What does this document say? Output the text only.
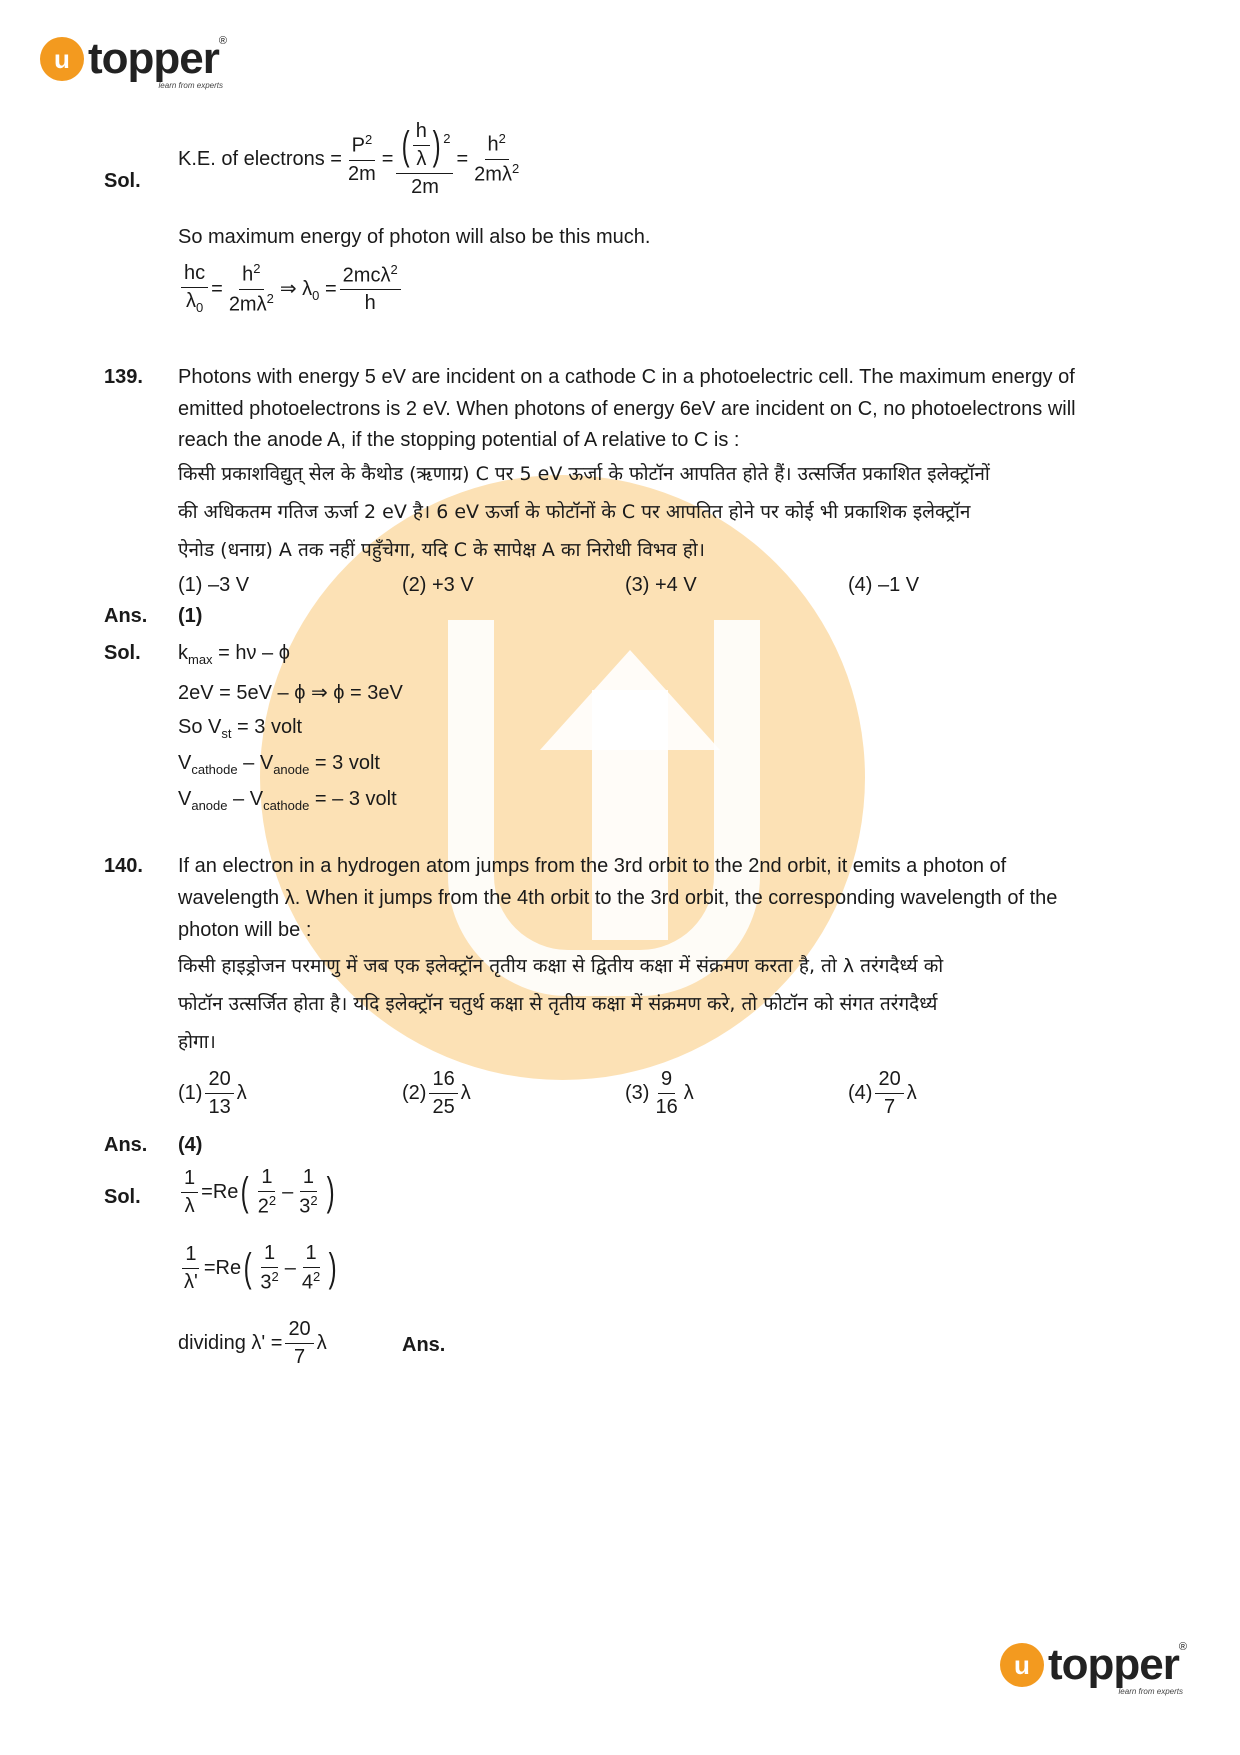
u topper ®
learn from experts
Sol.
K.E. of electrons = $\frac{P^2}{2m} = \frac{( \frac{h}{\lambda} ) ^2}{2m} = \frac{h^2}{2m\lambda^2}$
So maximum energy of photon will also be this much.
$\frac{hc}{\lambda_0} = \frac{h^2}{2m\lambda^2}$ ⇒ $\lambda_0 = \frac{2mc\lambda^2}{h}$
139. Photons with energy 5 eV are incident on a cathode C in a photoelectric cell. The maximum energy of
emitted photoelectrons is 2 eV. When photons of energy 6eV are incident on C, no photoelectrons will
reach the anode A, if the stopping potential of A relative to C is :
किसी प्रकाशविद्युत् सेल के कैथोड (ऋणाग्र) C पर 5 eV ऊर्जा के फोटॉन आपतित होते हैं। उत्सर्जित प्रकाशित इलेक्ट्रॉनों
की अधिकतम गतिज ऊर्जा 2 eV है। 6 eV ऊर्जा के फोटॉनों के C पर आपतित होने पर कोई भी प्रकाशिक इलेक्ट्रॉन
ऐनोड (धनाग्र) A तक नहीं पहुँचेगा, यदि C के सापेक्ष A का निरोधी विभव हो।
(1) –3 V	(2) +3 V	(3) +4 V	(4) –1 V
Ans. (1)
Sol. $k_{max} = h\nu - \phi$
2eV = 5eV – ϕ ⇒ ϕ = 3eV
So $V_{st} = 3$ volt
$V_{cathode} - V_{anode} = 3$ volt
$V_{anode} - V_{cathode}$ = – 3 volt
140. If an electron in a hydrogen atom jumps from the 3rd orbit to the 2nd orbit, it emits a photon of
wavelength λ. When it jumps from the 4th orbit to the 3rd orbit, the corresponding wavelength of the
photon will be :
किसी हाइड्रोजन परमाणु में जब एक इलेक्ट्रॉन तृतीय कक्षा से द्वितीय कक्षा में संक्रमण करता है, तो λ तरंगदैर्ध्य को
फोटॉन उत्सर्जित होता है। यदि इलेक्ट्रॉन चतुर्थ कक्षा से तृतीय कक्षा में संक्रमण करे, तो फोटॉन को संगत तरंगदैर्ध्य
होगा।
$(1) \frac{20}{13}$ λ	$(2) \frac{16}{25}$ λ	$(3) \frac{9}{16}$ λ	$(4) \frac{20}{7}$ λ
Ans. (4)
Sol. $\frac{1}{\lambda} = Re$ ( $\frac{1}{2^2} - \frac{1}{3^2}$ )
$\frac{1}{\lambda'} = Re$ ( $\frac{1}{3^2} - \frac{1}{4^2}$ )
dividing $\lambda' = \frac{20}{7}$ λ	Ans.
u topper ®
learn from experts
